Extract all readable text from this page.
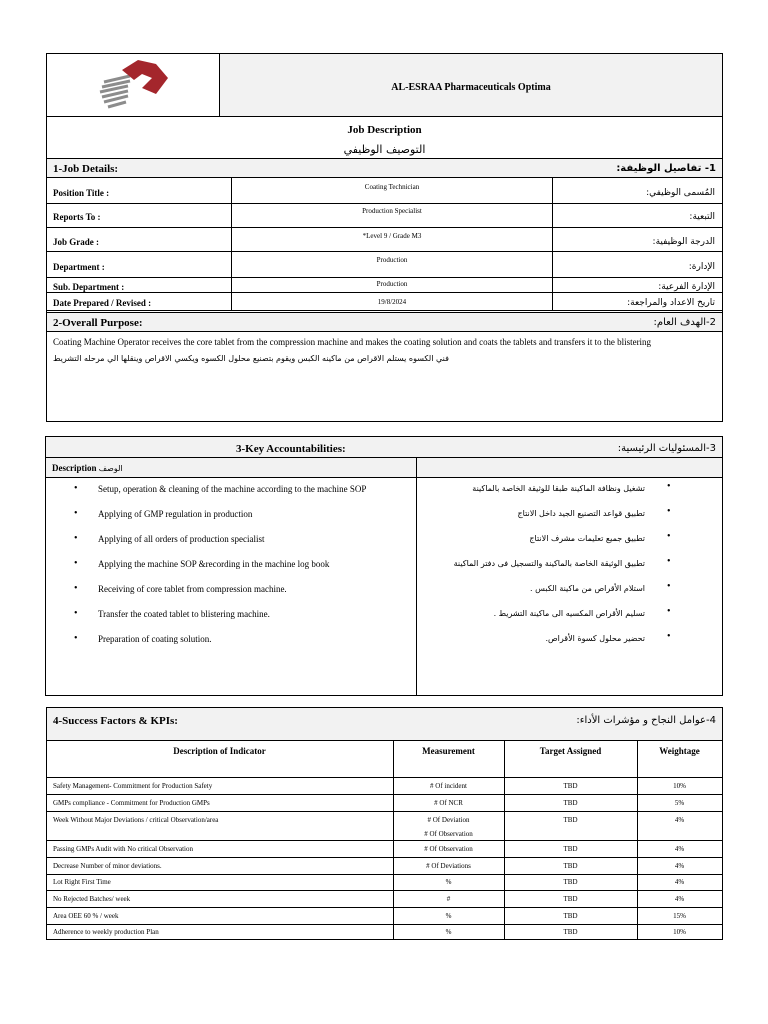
AL-ESRAA Pharmaceuticals Optima
Job Description
التوصيف الوظيفي
1-Job Details:	1- تفاصيل الوظيفة:
Position Title :
Coating Technician
المُسمى الوظيفي:
Reports To :
Production Specialist
التبعية:
Job Grade :
*Level 9 / Grade M3
الدرجة الوظيفية:
Department :
Production
الإدارة:
Sub. Department :	Production	الإدارة الفرعية:
Date Prepared / Revised :	19/8/2024	تاريخ الاعداد والمراجعة:
2-Overall Purpose:	2-الهدف العام:
Coating Machine Operator receives the core tablet from the compression machine and makes the coating solution and coats the tablets and transfers it to the blistering
فني الكسوه يستلم الاقراص من ماكينه الكبس ويقوم بتصنيع محلول الكسوه ويكسي الاقراص وينقلها الي مرحله التشريط
3-Key Accountabilities:	3-المسئوليات الرئيسية:
Description الوصف
• Setup, operation & cleaning of the machine according to the machine SOP	تشغيل ونظافة الماكينة طبقا للوثيقة الخاصة بالماكينة •
• Applying of GMP regulation in production	تطبيق قواعد التصنيع الجيد داخل الانتاج •
• Applying of all orders of production specialist	تطبيق جميع تعليمات مشرف الانتاج •
• Applying the machine SOP &recording in the machine log book	تطبيق الوثيقة الخاصة بالماكينة والتسجيل فى دفتر الماكينة •
• Receiving of core tablet from compression machine.	استلام الأقراص من ماكينة الكبس . •
• Transfer the coated tablet to blistering machine.	تسليم الأقراص المكسيه الى ماكينة التشريط . •
• Preparation of coating solution.	تحضير محلول كسوة الأقراص. •
4-Success Factors & KPIs:	4-عوامل النجاح و مؤشرات الأداء:
Description of Indicator	Measurement	Target Assigned	Weightage
Safety Management- Commitment for Production Safety	# Of incident	TBD	10%
GMPs compliance - Commitment for Production GMPs	# Of NCR	TBD	5%
Week Without Major Deviations / critical Observation/area	# Of Deviation
# Of Observation
TBD	4%
Passing GMPs Audit with No critical Observation	# Of Observation	TBD	4%
Decrease Number of minor deviations.	# Of Deviations	TBD	4%
Lot Right First Time	%	TBD	4%
No Rejected Batches/ week	#	TBD	4%
Area OEE 60 % / week	%	TBD	15%
Adherence to weekly production Plan	%	TBD	10%
